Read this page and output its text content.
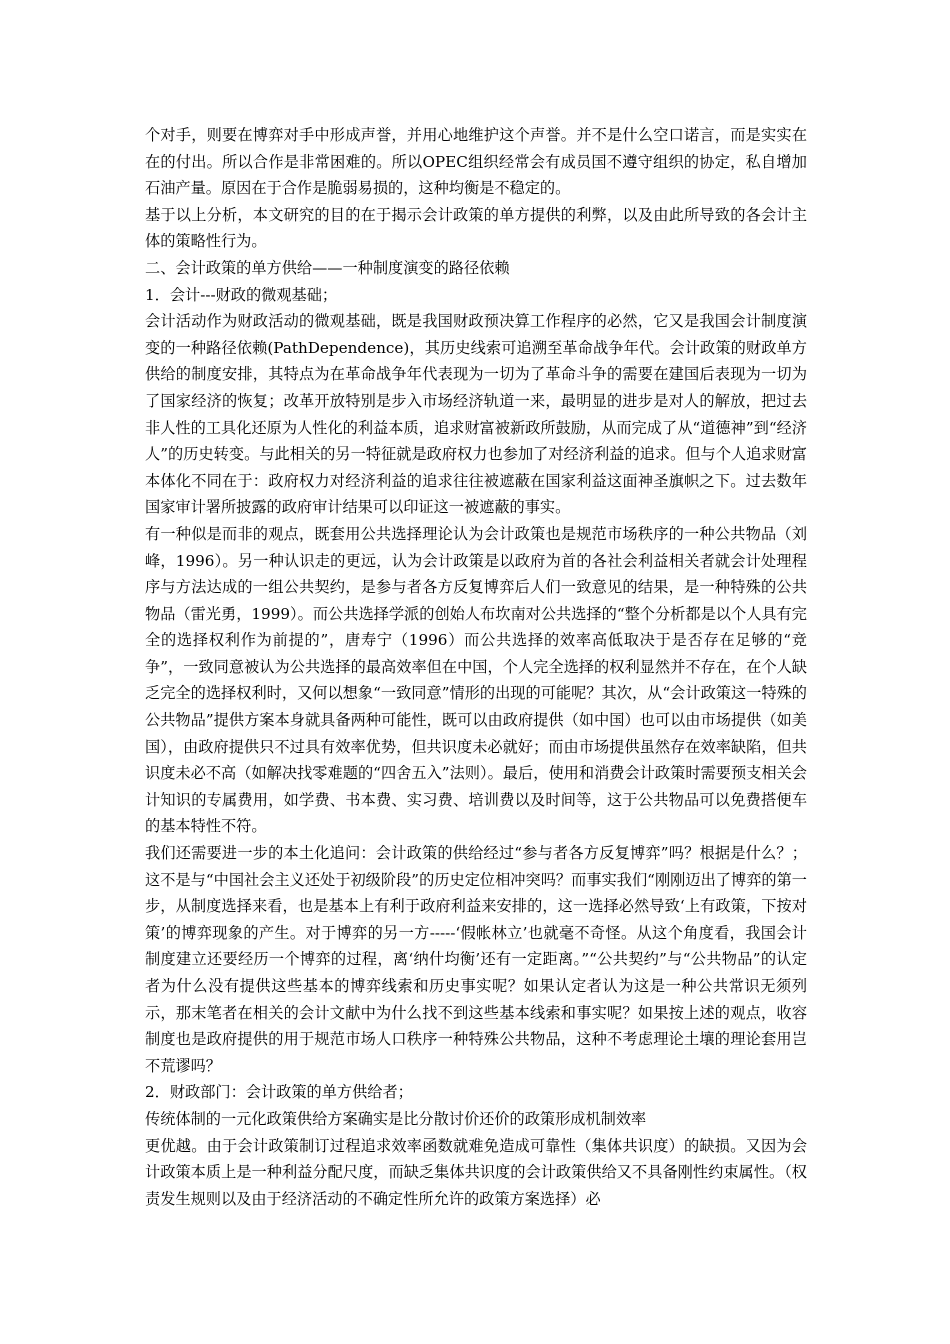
个对手，则要在博弈对手中形成声誉，并用心地维护这个声誉。并不是什么空口诺言，而是实实在在的付出。所以合作是非常困难的。所以OPEC组织经常会有成员国不遵守组织的协定，私自增加石油产量。原因在于合作是脆弱易损的，这种均衡是不稳定的。

基于以上分析，本文研究的目的在于揭示会计政策的单方提供的利弊，以及由此所导致的各会计主体的策略性行为。

二、会计政策的单方供给——一种制度演变的路径依赖

1．会计---财政的微观基础；

会计活动作为财政活动的微观基础，既是我国财政预决算工作程序的必然，它又是我国会计制度演变的一种路径依赖(PathDependence)，其历史线索可追溯至革命战争年代。会计政策的财政单方供给的制度安排，其特点为在革命战争年代表现为一切为了革命斗争的需要在建国后表现为一切为了国家经济的恢复；改革开放特别是步入市场经济轨道一来，最明显的进步是对人的解放，把过去非人性的工具化还原为人性化的利益本质，追求财富被新政所鼓励，从而完成了从“道德神”到“经济人”的历史转变。与此相关的另一特征就是政府权力也参加了对经济利益的追求。但与个人追求财富本体化不同在于：政府权力对经济利益的追求往往被遮蔽在国家利益这面神圣旗帜之下。过去数年国家审计署所披露的政府审计结果可以印证这一被遮蔽的事实。

有一种似是而非的观点，既套用公共选择理论认为会计政策也是规范市场秩序的一种公共物品（刘峰，1996）。另一种认识走的更远，认为会计政策是以政府为首的各社会利益相关者就会计处理程序与方法达成的一组公共契约，是参与者各方反复博弈后人们一致意见的结果，是一种特殊的公共物品（雷光勇，1999）。而公共选择学派的创始人布坎南对公共选择的“整个分析都是以个人具有完全的选择权利作为前提的”，唐寿宁（1996）而公共选择的效率高低取决于是否存在足够的“竞争”，一致同意被认为公共选择的最高效率但在中国，个人完全选择的权利显然并不存在，在个人缺乏完全的选择权利时，又何以想象“一致同意”情形的出现的可能呢？其次，从“会计政策这一特殊的公共物品”提供方案本身就具备两种可能性，既可以由政府提供（如中国）也可以由市场提供（如美国），由政府提供只不过具有效率优势，但共识度未必就好；而由市场提供虽然存在效率缺陷，但共识度未必不高（如解决找零难题的“四舍五入”法则）。最后，使用和消费会计政策时需要预支相关会计知识的专属费用，如学费、书本费、实习费、培训费以及时间等，这于公共物品可以免费搭便车的基本特性不符。

我们还需要进一步的本土化追问：会计政策的供给经过“参与者各方反复博弈”吗？根据是什么？；这不是与“中国社会主义还处于初级阶段”的历史定位相冲突吗？而事实我们“刚刚迈出了博弈的第一步，从制度选择来看，也是基本上有利于政府利益来安排的，这一选择必然导致‘上有政策，下按对策’的博弈现象的产生。对于博弈的另一方-----‘假帐林立’也就毫不奇怪。从这个角度看，我国会计制度建立还要经历一个博弈的过程，离‘纳什均衡’还有一定距离。”“公共契约”与“公共物品”的认定者为什么没有提供这些基本的博弈线索和历史事实呢？如果认定者认为这是一种公共常识无须列示，那末笔者在相关的会计文献中为什么找不到这些基本线索和事实呢？如果按上述的观点，收容制度也是政府提供的用于规范市场人口秩序一种特殊公共物品，这种不考虑理论土壤的理论套用岂不荒谬吗？

2．财政部门：会计政策的单方供给者；

传统体制的一元化政策供给方案确实是比分散讨价还价的政策形成机制效率

更优越。由于会计政策制订过程追求效率函数就难免造成可靠性（集体共识度）的缺损。又因为会计政策本质上是一种利益分配尺度，而缺乏集体共识度的会计政策供给又不具备刚性约束属性。（权责发生规则以及由于经济活动的不确定性所允许的政策方案选择）必
